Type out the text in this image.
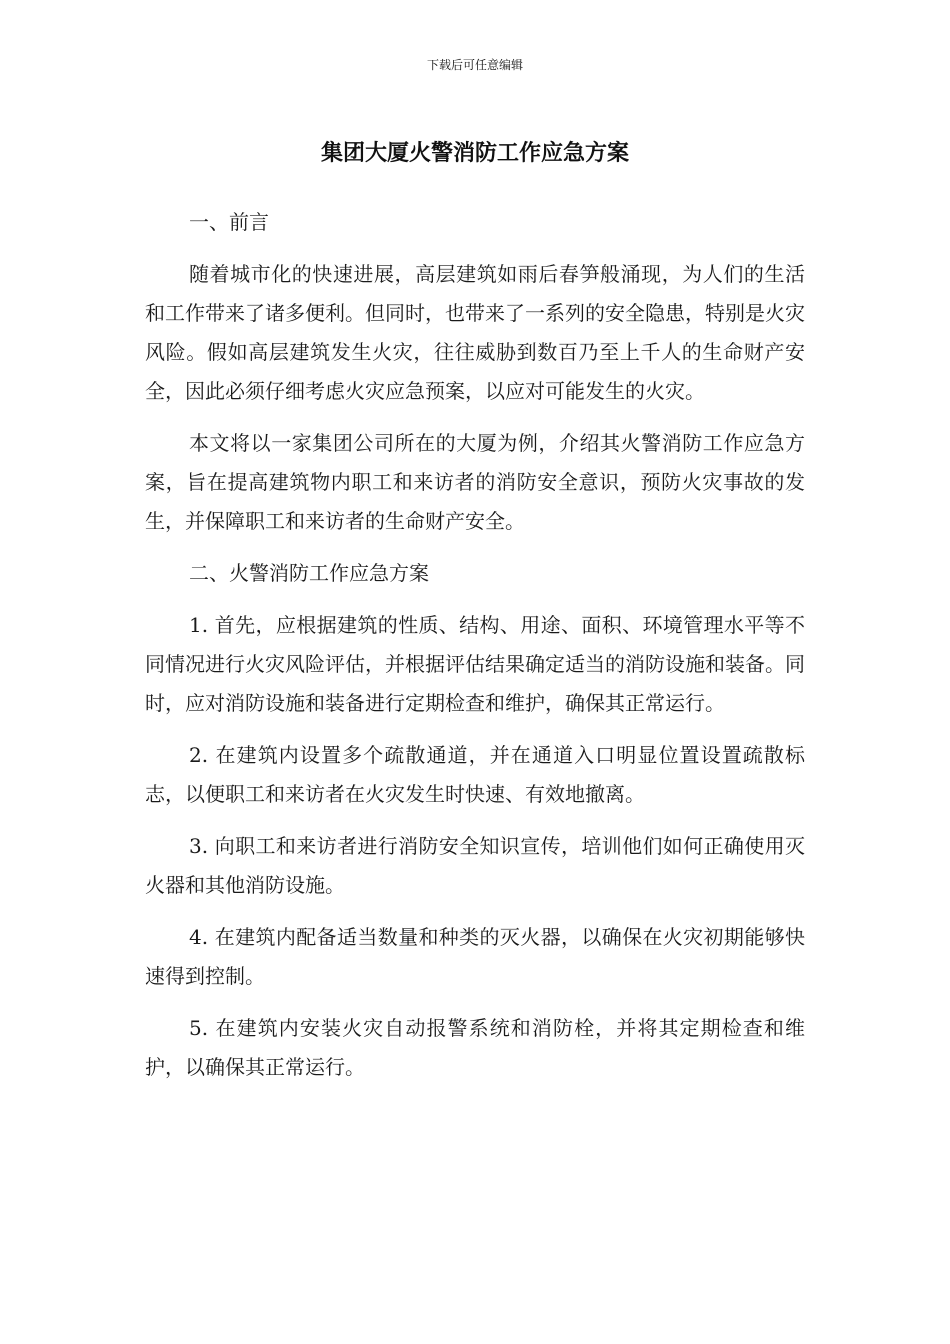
下载后可任意编辑
集团大厦火警消防工作应急方案

一、前言

随着城市化的快速进展，高层建筑如雨后春笋般涌现，为人们的生活和工作带来了诸多便利。但同时，也带来了一系列的安全隐患，特别是火灾风险。假如高层建筑发生火灾，往往威胁到数百乃至上千人的生命财产安全，因此必须仔细考虑火灾应急预案，以应对可能发生的火灾。

本文将以一家集团公司所在的大厦为例，介绍其火警消防工作应急方案，旨在提高建筑物内职工和来访者的消防安全意识，预防火灾事故的发生，并保障职工和来访者的生命财产安全。

二、火警消防工作应急方案

1. 首先，应根据建筑的性质、结构、用途、面积、环境管理水平等不同情况进行火灾风险评估，并根据评估结果确定适当的消防设施和装备。同时，应对消防设施和装备进行定期检查和维护，确保其正常运行。

2. 在建筑内设置多个疏散通道，并在通道入口明显位置设置疏散标志，以便职工和来访者在火灾发生时快速、有效地撤离。

3. 向职工和来访者进行消防安全知识宣传，培训他们如何正确使用灭火器和其他消防设施。

4. 在建筑内配备适当数量和种类的灭火器，以确保在火灾初期能够快速得到控制。

5. 在建筑内安装火灾自动报警系统和消防栓，并将其定期检查和维护，以确保其正常运行。
